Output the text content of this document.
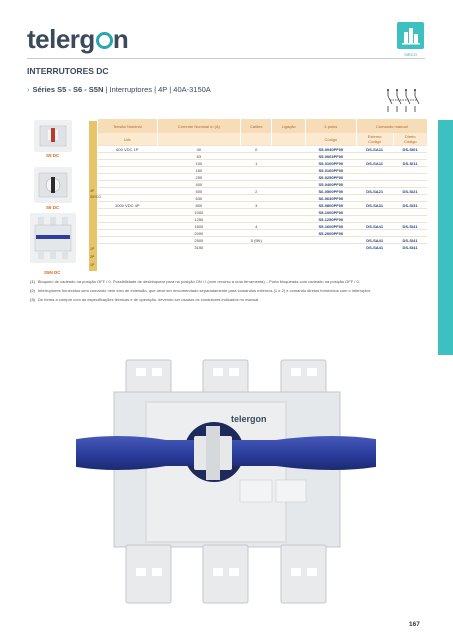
telerg n
SIRCO
INTERRUTORES DC
› Séries S5 - S6 - S5N | Interruptores | 4P | 40A-3150A
S5 DC
S6 DC
S5N DC
4P
SIRCO
1P
2P
1P
Tensão Nominal	Corrente Nominal In (A)	Calibre	Ligação	4 polos	Comando manual	
Udc				Código	Externo
Código	Direto
Código
600 VDC 1P	40	0		S5-0040PF00	DS-SA11	DS-SI01
	63			S5-0063PF00		
	100	1		S5-0100PF00	DS-SA11	DS-SI11
	160			S5-0160PF00		
	250			S5-0250PF00		
	400			S5-0400PF00		
	500	2		S6-0500PF00	DS-SA21	DS-SI21
	630			S6-0630PF00		
1000 VDC 4P	800	3		S5-0800PF00	DS-SA31	DS-SI31
	1000			S5-1000PF00		
	1250			S5-1250PF00		
	1600	4		S5-1600PF00	DS-SA41	DS-SI41
	2000			S5-2000PF00		
	2500	5 (5N)			DS-SA41	DS-SI41
	3150				DS-SA41	DS-SI41

(1) Bloqueio de cadeado na posição OFF / 0. Possibilidade de desbloquear para na posição ON / I (com recurso a uma ferramenta) – Porta bloqueada com cadeado na posição OFF / 0.

(2) Interruptores fornecidos sem comando nem eixo de extensão, que deve ser encomendado separadamente para comandos externos (1 e 2) e comando diretos fornecidos com o interruptor.

(3) De forma a cumprir com as especificações técnicas e de operação, devendo ser usados os condutores indicados no manual.

telergon
167
